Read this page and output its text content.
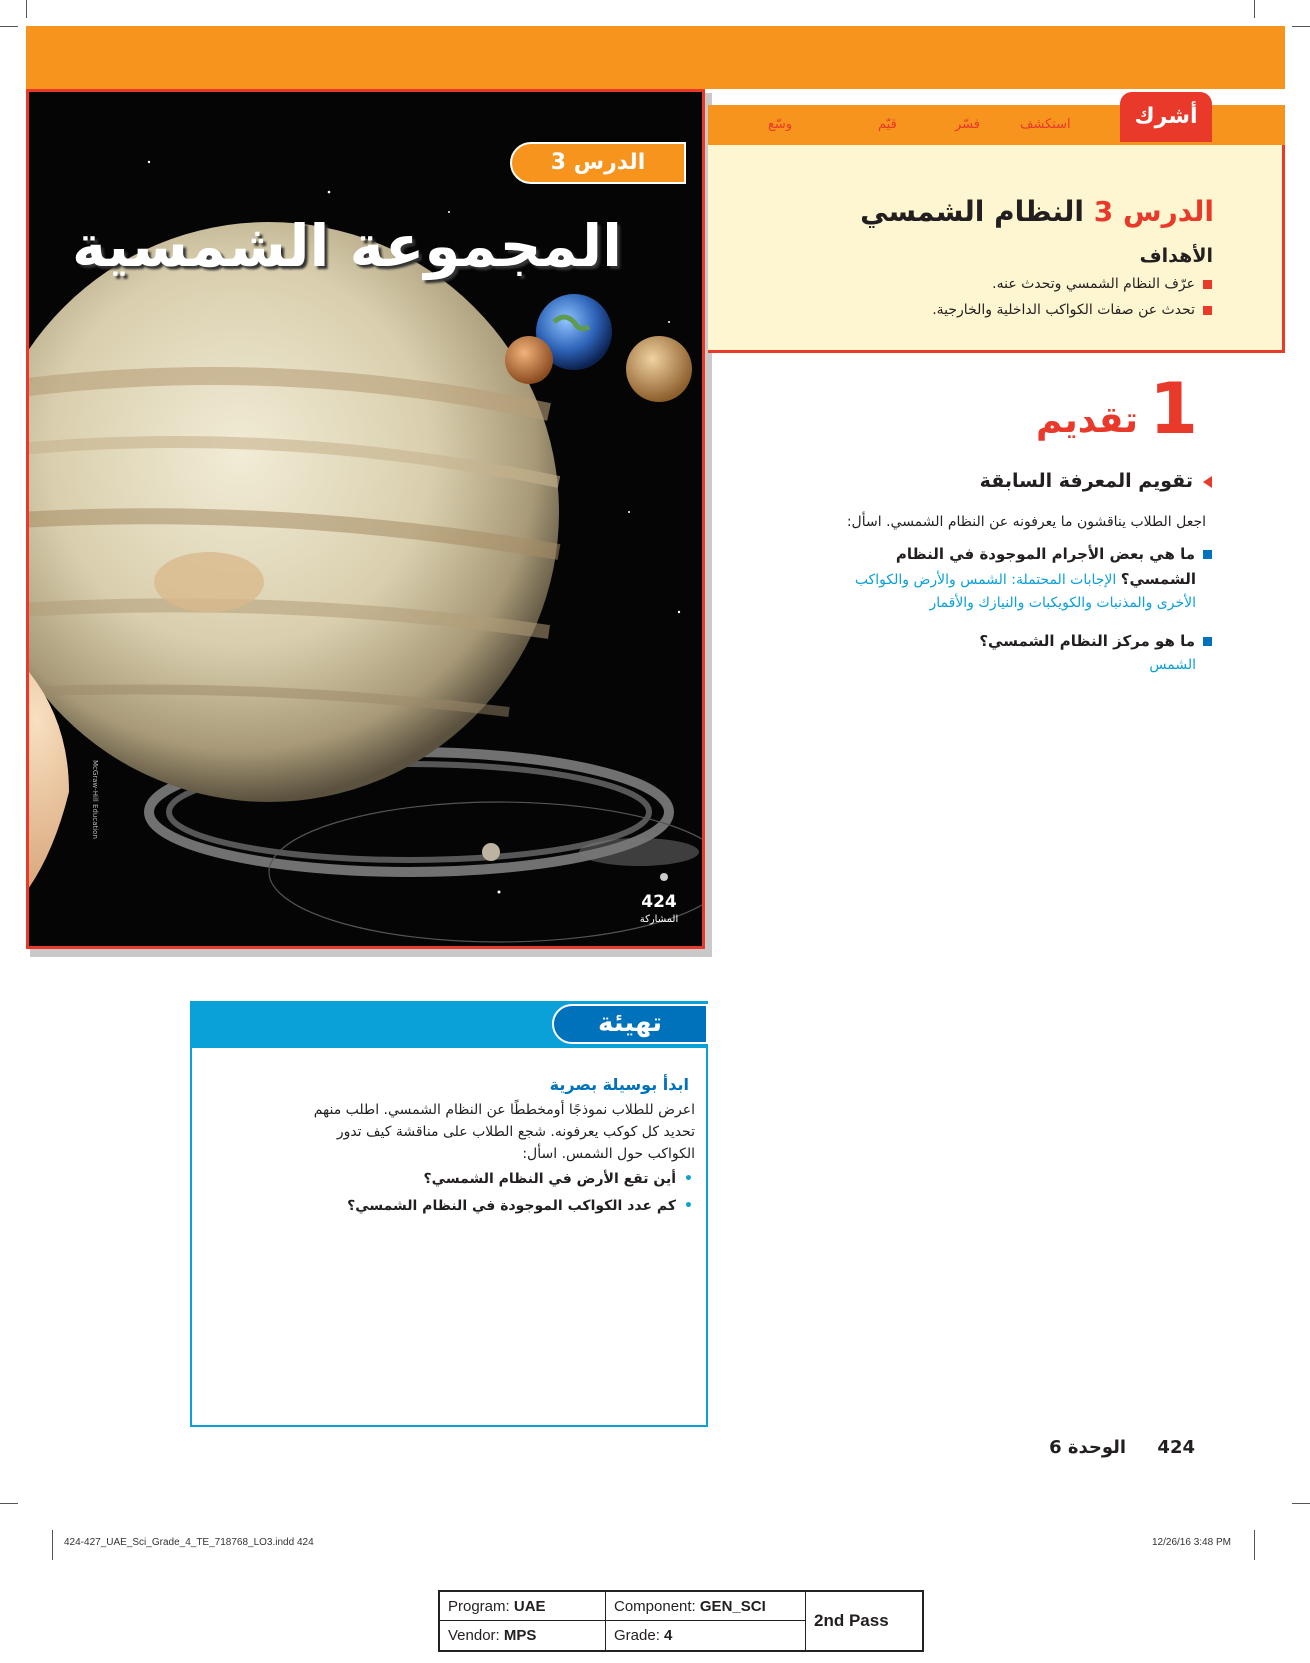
الدرس 3
المجموعة الشمسية
McGraw-Hill Education
424
المشاركة
استكشف
فسّر
قيّم
وسّع	أشرك
الدرس 3 النظام الشمسي
الأهداف
عرّف النظام الشمسي وتحدث عنه.
تحدث عن صفات الكواكب الداخلية والخارجية.
1
تقديم
تقويم المعرفة السابقة
اجعل الطلاب يناقشون ما يعرفونه عن النظام الشمسي. اسأل:
ما هي بعض الأجرام الموجودة في النظام
الشمسي؟ الإجابات المحتملة: الشمس والأرض والكواكب
الأخرى والمذنبات والكويكبات والنيازك والأقمار
ما هو مركز النظام الشمسي؟
الشمس
تهيئة
ابدأ بوسيلة بصرية
اعرض للطلاب نموذجًا أومخططًا عن النظام الشمسي. اطلب منهم
تحديد كل كوكب يعرفونه. شجع الطلاب على مناقشة كيف تدور
الكواكب حول الشمس. اسأل:
•أين تقع الأرض في النظام الشمسي؟
•كم عدد الكواكب الموجودة في النظام الشمسي؟
424     الوحدة 6
424-427_UAE_Sci_Grade_4_TE_718768_LO3.indd 424	12/26/16 3:48 PM
Program: UAE	Component: GEN_SCI
Vendor: MPS	Grade: 4
2nd Pass
